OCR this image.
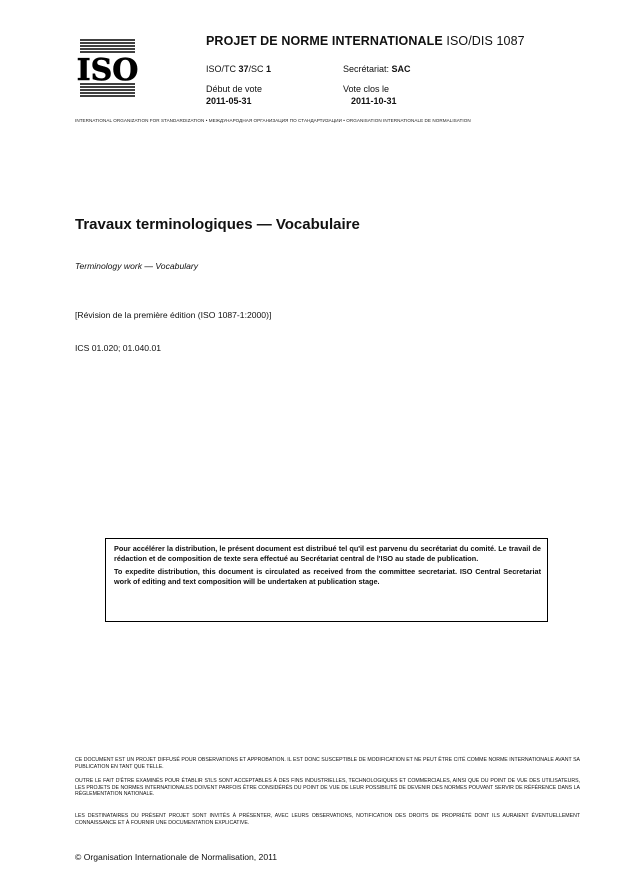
ISO
PROJET DE NORME INTERNATIONALE ISO/DIS 1087
ISO/TC 37/SC 1	Secrétariat: SAC
Début de vote
2011-05-31
Vote clos le
2011-10-31
INTERNATIONAL ORGANIZATION FOR STANDARDIZATION • МЕЖДУНАРОДНАЯ ОРГАНИЗАЦИЯ ПО СТАНДАРТИЗАЦИИ • ORGANISATION INTERNATIONALE DE NORMALISATION
Travaux terminologiques — Vocabulaire
Terminology work — Vocabulary
[Révision de la première édition (ISO 1087-1:2000)]
ICS 01.020; 01.040.01

Pour accélérer la distribution, le présent document est distribué tel qu'il est parvenu du secrétariat du comité. Le travail de rédaction et de composition de texte sera effectué au Secrétariat central de l'ISO au stade de publication.

To expedite distribution, this document is circulated as received from the committee secretariat. ISO Central Secretariat work of editing and text composition will be undertaken at publication stage.

CE DOCUMENT EST UN PROJET DIFFUSÉ POUR OBSERVATIONS ET APPROBATION. IL EST DONC SUSCEPTIBLE DE MODIFICATION ET NE PEUT ÊTRE CITÉ COMME NORME INTERNATIONALE AVANT SA PUBLICATION EN TANT QUE TELLE.
OUTRE LE FAIT D'ÊTRE EXAMINÉS POUR ÉTABLIR S'ILS SONT ACCEPTABLES À DES FINS INDUSTRIELLES, TECHNOLOGIQUES ET COMMERCIALES, AINSI QUE DU POINT DE VUE DES UTILISATEURS, LES PROJETS DE NORMES INTERNATIONALES DOIVENT PARFOIS ÊTRE CONSIDÉRÉS DU POINT DE VUE DE LEUR POSSIBILITÉ DE DEVENIR DES NORMES POUVANT SERVIR DE RÉFÉRENCE DANS LA RÉGLEMENTATION NATIONALE.
LES DESTINATAIRES DU PRÉSENT PROJET SONT INVITÉS À PRÉSENTER, AVEC LEURS OBSERVATIONS, NOTIFICATION DES DROITS DE PROPRIÉTÉ DONT ILS AURAIENT ÉVENTUELLEMENT CONNAISSANCE ET À FOURNIR UNE DOCUMENTATION EXPLICATIVE.
© Organisation Internationale de Normalisation, 2011
